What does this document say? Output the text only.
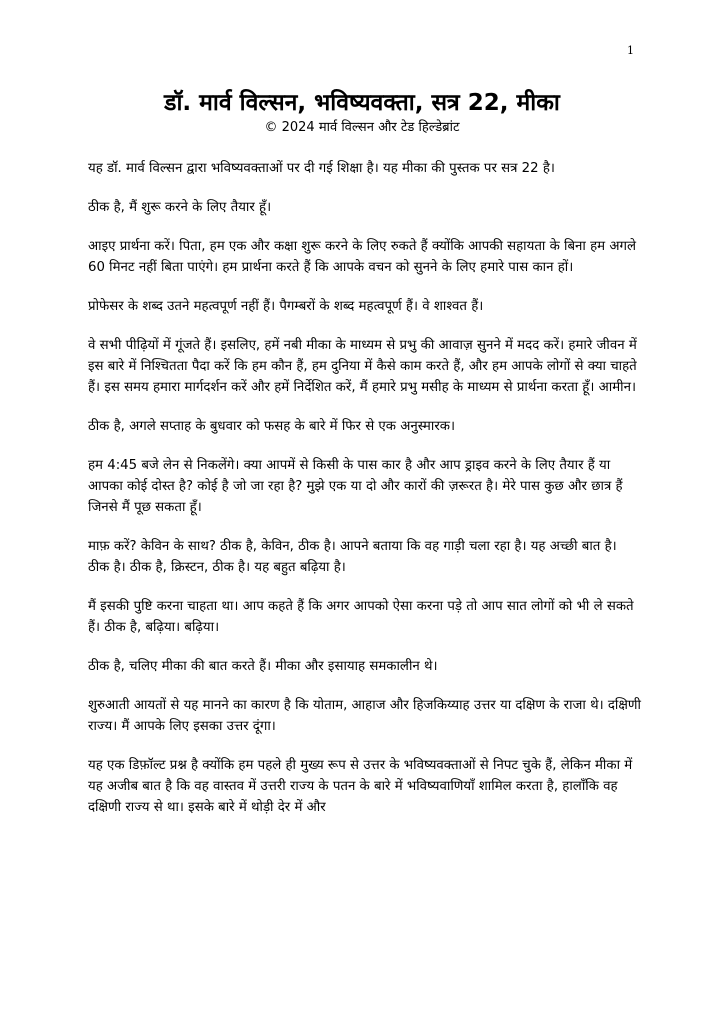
1
डॉ. मार्व विल्सन, भविष्यवक्ता, सत्र 22, मीका
© 2024 मार्व विल्सन और टेड हिल्डेब्रांट

यह डॉ. मार्व विल्सन द्वारा भविष्यवक्ताओं पर दी गई शिक्षा है। यह मीका की पुस्तक पर सत्र 22 है।

ठीक है, मैं शुरू करने के लिए तैयार हूँ।

आइए प्रार्थना करें। पिता, हम एक और कक्षा शुरू करने के लिए रुकते हैं क्योंकि आपकी सहायता के बिना हम अगले 60 मिनट नहीं बिता पाएंगे। हम प्रार्थना करते हैं कि आपके वचन को सुनने के लिए हमारे पास कान हों।

प्रोफेसर के शब्द उतने महत्वपूर्ण नहीं हैं। पैगम्बरों के शब्द महत्वपूर्ण हैं। वे शाश्वत हैं।

वे सभी पीढ़ियों में गूंजते हैं। इसलिए, हमें नबी मीका के माध्यम से प्रभु की आवाज़ सुनने में मदद करें। हमारे जीवन में इस बारे में निश्चितता पैदा करें कि हम कौन हैं, हम दुनिया में कैसे काम करते हैं, और हम आपके लोगों से क्या चाहते हैं। इस समय हमारा मार्गदर्शन करें और हमें निर्देशित करें, मैं हमारे प्रभु मसीह के माध्यम से प्रार्थना करता हूँ। आमीन।

ठीक है, अगले सप्ताह के बुधवार को फसह के बारे में फिर से एक अनुस्मारक।

हम 4:45 बजे लेन से निकलेंगे। क्या आपमें से किसी के पास कार है और आप ड्राइव करने के लिए तैयार हैं या आपका कोई दोस्त है? कोई है जो जा रहा है? मुझे एक या दो और कारों की ज़रूरत है। मेरे पास कुछ और छात्र हैं जिनसे मैं पूछ सकता हूँ।

माफ़ करें? केविन के साथ? ठीक है, केविन, ठीक है। आपने बताया कि वह गाड़ी चला रहा है। यह अच्छी बात है।

ठीक है। ठीक है, क्रिस्टन, ठीक है। यह बहुत बढ़िया है।

मैं इसकी पुष्टि करना चाहता था। आप कहते हैं कि अगर आपको ऐसा करना पड़े तो आप सात लोगों को भी ले सकते हैं। ठीक है, बढ़िया। बढ़िया।

ठीक है, चलिए मीका की बात करते हैं। मीका और इसायाह समकालीन थे।

शुरुआती आयतों से यह मानने का कारण है कि योताम, आहाज और हिजकिय्याह उत्तर या दक्षिण के राजा थे। दक्षिणी राज्य। मैं आपके लिए इसका उत्तर दूंगा।

यह एक डिफ़ॉल्ट प्रश्न है क्योंकि हम पहले ही मुख्य रूप से उत्तर के भविष्यवक्ताओं से निपट चुके हैं, लेकिन मीका में यह अजीब बात है कि वह वास्तव में उत्तरी राज्य के पतन के बारे में भविष्यवाणियाँ शामिल करता है, हालाँकि वह दक्षिणी राज्य से था। इसके बारे में थोड़ी देर में और
